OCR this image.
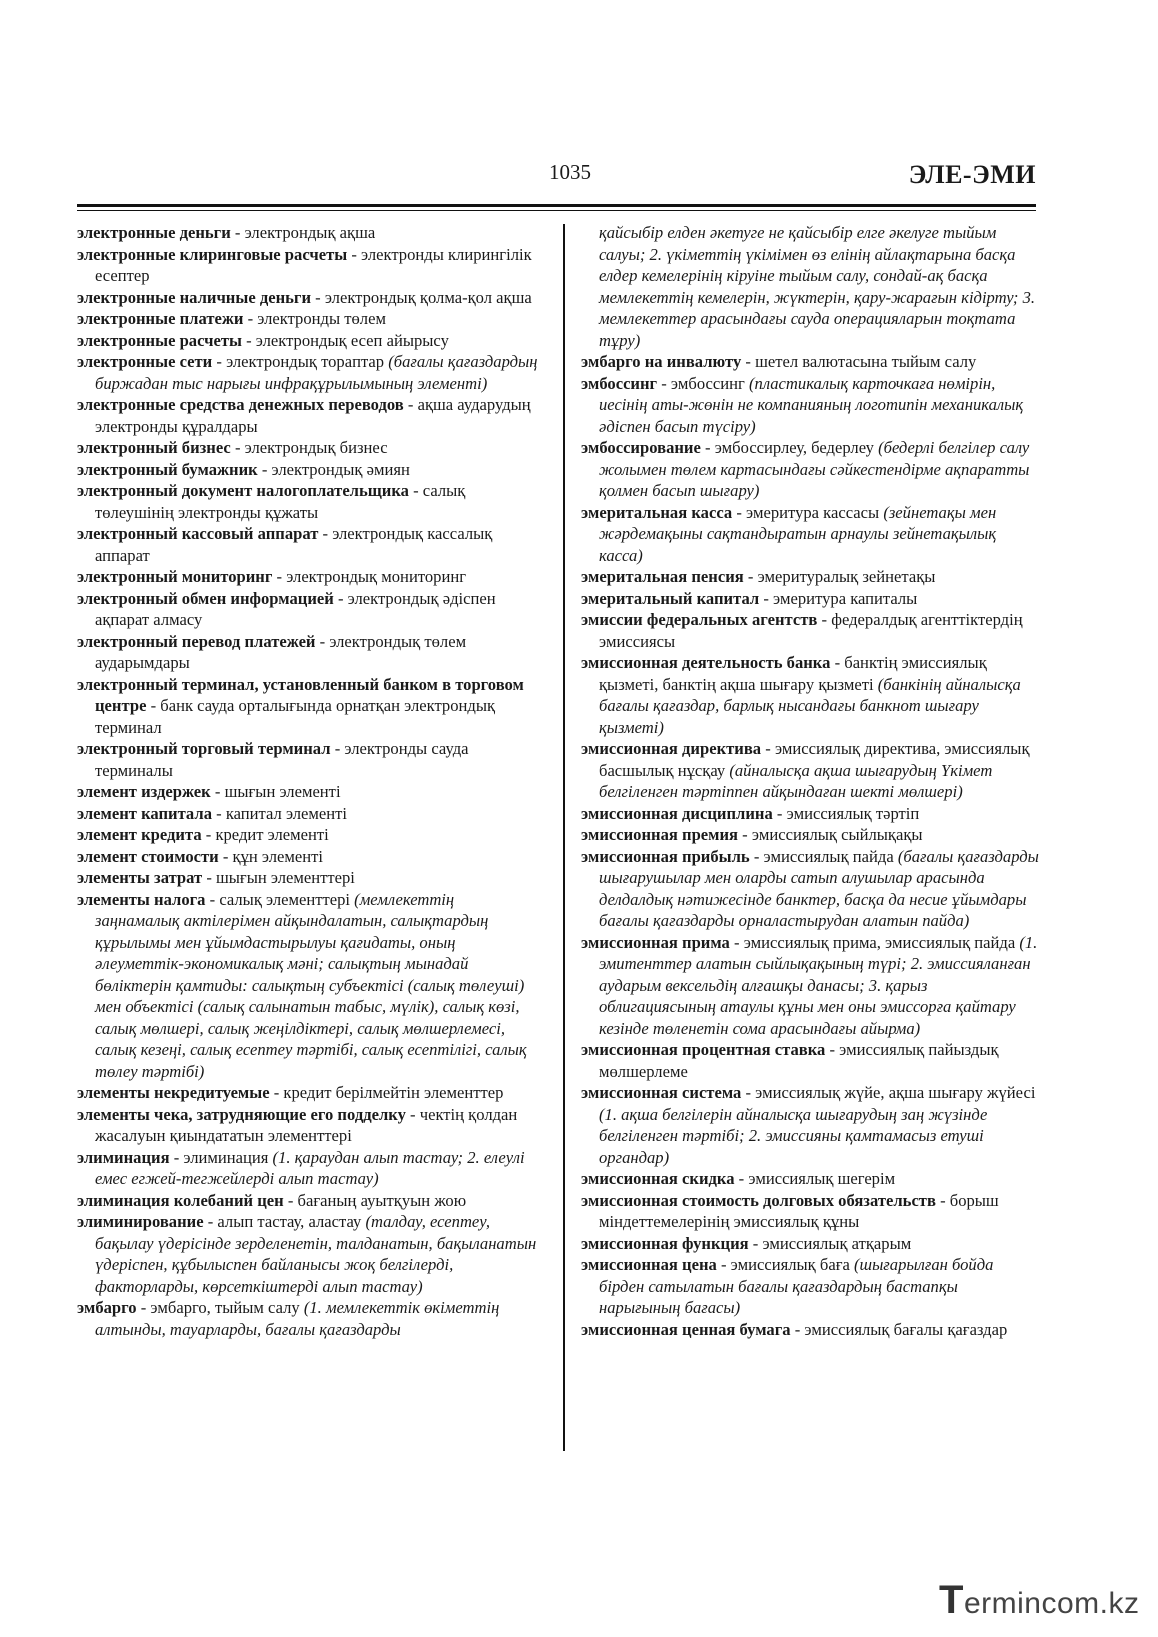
1035	ЭЛЕ-ЭМИ
электронные деньги - электрондық ақша
электронные клиринговые расчеты - электронды клирингілік есептер
электронные наличные деньги - электрондық қолма-қол ақша
электронные платежи - электронды төлем
электронные расчеты - электрондық есеп айырысу
электронные сети - электрондық торaптар (бағалы қағаздардың биржадан тыс нарығы инфрақұрылымының элементі)
электронные средства денежных переводов - ақша аударудың электронды құралдары
электронный бизнес - электрондық бизнес
электронный бумажник - электрондық әмиян
электронный документ налогоплательщика - салық төлеушінің электронды құжаты
электронный кассовый аппарат - электрондық кассалық аппарат
электронный мониторинг - электрондық мониторинг
электронный обмен информацией - электрондық әдіспен ақпарат алмасу
электронный перевод платежей - электрондық төлем аударымдары
электронный терминал, установленный банком в торговом центре - банк сауда орталығында орнатқан электрондық терминал
электронный торговый терминал - электронды сауда терминалы
элемент издержек - шығын элементі
элемент капитала - капитал элементі
элемент кредита - кредит элементі
элемент стоимости - құн элементі
элементы затрат - шығын элементтері
элементы налога - салық элементтері (мемлекеттің заңнамалық актілерімен айқындалатын, салықтардың құрылымы мен ұйымдастырылуы қағидаты, оның әлеуметтік-экономикалық мәні; салықтың мынадай бөліктерін қамтиды: салықтың субъектісі (салық төлеуші) мен объектісі (салық салынатын табыс, мүлік), салық көзі, салық мөлшері, салық жеңілдіктері, салық мөлшерлемесі, салық кезеңі, салық есептеу тәртібі, салық есептілігі, салық төлеу тәртібі)
элементы некредитуемые - кредит берілмейтін элементтер
элементы чека, затрудняющие его подделку - чектің қолдан жасалуын қиындататын элементтері
элиминация - элиминация (1. қараудан алып тастау; 2. елеулі емес егжей-тегжейлерді алып тастау)
элиминация колебаний цен - бағаның ауытқуын жою
элиминирование - алып тастау, аластау (талдау, есептеу, бақылау үдерісінде зерделенетін, талданатын, бақыланатын үдеріспен, құбылыспен байланысы жоқ белгілерді, факторларды, көрсеткіштерді алып тастау)
эмбарго - эмбарго, тыйым салу (1. мемлекеттік өкіметтің алтынды, тауарларды, бағалы қағаздарды
қайсыбір елден әкетуге не қайсыбір елге әкелуге тыйым салуы; 2. үкіметтің үкімімен өз елінің айлақтарына басқа елдер кемелерінің кіруіне тыйым салу, сондай-ақ басқа мемлекеттің кемелерін, жүктерін, қару-жарағын кідірту; 3. мемлекеттер арасындағы сауда операцияларын тоқтата тұру)
эмбарго на инвалюту - шетел валютасына тыйым салу
эмбоссинг - эмбоссинг (пластикалық карточкаға нөмірін, иесінің аты-жөнін не компанияның логотипін механикалық әдіспен басып түсіру)
эмбоссирование - эмбоссирлеу, бедерлеу (бедерлі белгілер салу жолымен төлем картасындағы сәйкестендірме ақпаратты қолмен басып шығару)
эмеритальная касса - эмеритура кассасы (зейнетақы мен жәрдемақыны сақтандыратын арнаулы зейнетақылық касса)
эмеритальная пенсия - эмеритуралық зейнетақы
эмеритальный капитал - эмеритура капиталы
эмиссии федеральных агентств - федералдық агенттіктердің эмиссиясы
эмиссионная деятельность банка - банктің эмиссиялық қызметі, банктің ақша шығару қызметі (банкінің айналысқа бағалы қағаздар, барлық нысандағы банкнот шығару қызметі)
эмиссионная директива - эмиссиялық директива, эмиссиялық басшылық нұсқау (айналысқа ақша шығарудың Үкімет белгіленген тәртіппен айқындаған шекті мөлшері)
эмиссионная дисциплина - эмиссиялық тәртіп
эмиссионная премия - эмиссиялық сыйлықақы
эмиссионная прибыль - эмиссиялық пайда (бағалы қағаздарды шығарушылар мен оларды сатып алушылар арасында делдалдық нәтижесінде банктер, басқа да несие ұйымдары бағалы қағаздарды орналастырудан алатын пайда)
эмиссионная прима - эмиссиялық прима, эмиссиялық пайда (1. эмитенттер алатын сыйлықақының түрі; 2. эмиссияланған аударым вексельдің алғашқы данасы; 3. қарыз облигациясының атаулы құны мен оны эмиссорға қайтару кезінде төленетін сома арасындағы айырма)
эмиссионная процентная ставка - эмиссиялық пайыздық мөлшерлеме
эмиссионная система - эмиссиялық жүйе, ақша шығару жүйесі (1. ақша белгілерін айналысқа шығарудың заң жүзінде белгіленген тәртібі; 2. эмиссияны қамтамасыз етуші органдар)
эмиссионная скидка - эмиссиялық шегерім
эмиссионная стоимость долговых обязательств - борыш міндеттемелерінің эмиссиялық құны
эмиссионная функция - эмиссиялық атқарым
эмиссионная цена - эмиссиялық баға (шығарылған бойда бірден сатылатын бағалы қағаздардың бастапқы нарығының бағасы)
эмиссионная ценная бумага - эмиссиялық бағалы қағаздар
Termincom.kz
